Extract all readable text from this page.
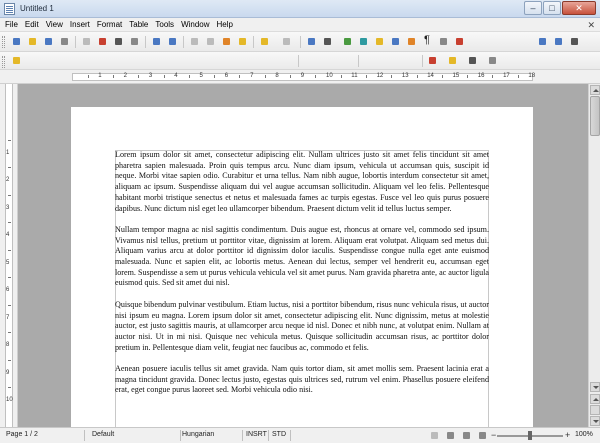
Untitled 1	–	□	✕
File Edit View Insert Format Table Tools Window Help	✕
¶
Find
1	2	3	4	5	6	7	8	9	10	11	12	13	14	15	16	17	18
1
2
3
4
5
6
7
8
9
10

Lorem ipsum dolor sit amet, consectetur adipiscing elit. Nullam ultrices justo sit amet felis tincidunt sit amet pharetra sapien malesuada. Proin quis tempus arcu. Nunc diam ipsum, vehicula ut accumsan quis, suscipit id neque. Morbi vitae sapien odio. Curabitur et urna tellus. Nam nibh augue, lobortis interdum consectetur sit amet, aliquam ac ipsum. Suspendisse aliquam dui vel augue accumsan sollicitudin. Aliquam vel leo felis. Pellentesque habitant morbi tristique senectus et netus et malesuada fames ac turpis egestas. Fusce vel leo quis purus posuere dapibus. Nunc dictum nisl eget leo ullamcorper bibendum. Praesent dictum velit id tellus luctus semper.

Nullam tempor magna ac nisl sagittis condimentum. Duis augue est, rhoncus at ornare vel, commodo sed ipsum. Vivamus nisl tellus, pretium ut porttitor vitae, dignissim at lorem. Aliquam erat volutpat. Aliquam sed metus dui. Aliquam varius arcu at dolor porttitor id dignissim dolor iaculis. Suspendisse congue nulla eget ante euismod malesuada. Nunc et sapien elit, ac lobortis metus. Aenean dui lectus, semper vel hendrerit eu, accumsan eget lorem. Suspendisse a sem ut purus vehicula vehicula vel sit amet purus. Nam gravida pharetra ante, ac auctor ligula euismod quis. Sed sit amet dui nisl.

Quisque bibendum pulvinar vestibulum. Etiam luctus, nisi a porttitor bibendum, risus nunc vehicula risus, ut auctor nisi ipsum eu magna. Lorem ipsum dolor sit amet, consectetur adipiscing elit. Nunc dignissim, metus at molestie auctor, est justo sagittis mauris, at ullamcorper arcu neque id nisl. Donec et nibh nunc, at volutpat enim. Nullam at auctor nisi. Ut in mi nisi. Quisque nec vehicula metus. Quisque sollicitudin accumsan risus, ac porttitor dolor pretium in. Pellentesque diam velit, feugiat nec faucibus ac, commodo et felis.

Aenean posuere iaculis tellus sit amet gravida. Nam quis tortor diam, sit amet mollis sem. Praesent lacinia erat a magna tincidunt gravida. Donec lectus justo, egestas quis ultrices sed, rutrum vel enim. Phasellus posuere eleifend erat, eget congue purus laoreet sed. Morbi vehicula odio nisi.

Page 1 / 2	Default	Hungarian	INSRT STD	−	+ 100%
